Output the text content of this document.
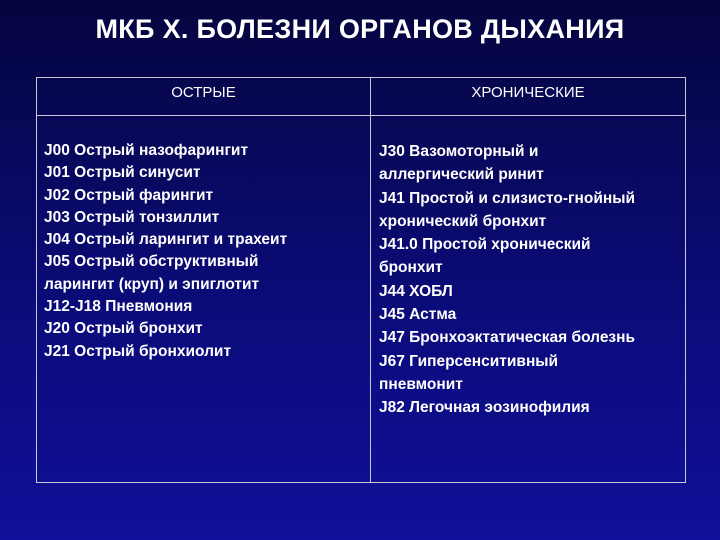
МКБ Х. БОЛЕЗНИ ОРГАНОВ ДЫХАНИЯ
ОСТРЫЕ	ХРОНИЧЕСКИЕ
J00 Острый назофарингит
J01 Острый синусит
J02 Острый фарингит
J03 Острый тонзиллит
J04 Острый ларингит и трахеит
J05 Острый обструктивный
ларингит (круп) и эпиглотит
J12-J18 Пневмония
J20 Острый бронхит
J21 Острый бронхиолит
J30 Вазомоторный и
аллергический ринит
J41 Простой и слизисто-гнойный
хронический бронхит
J41.0 Простой хронический
бронхит
J44 ХОБЛ
J45 Астма
J47 Бронхоэктатическая болезнь
J67 Гиперсенситивный
пневмонит
J82 Легочная эозинофилия
